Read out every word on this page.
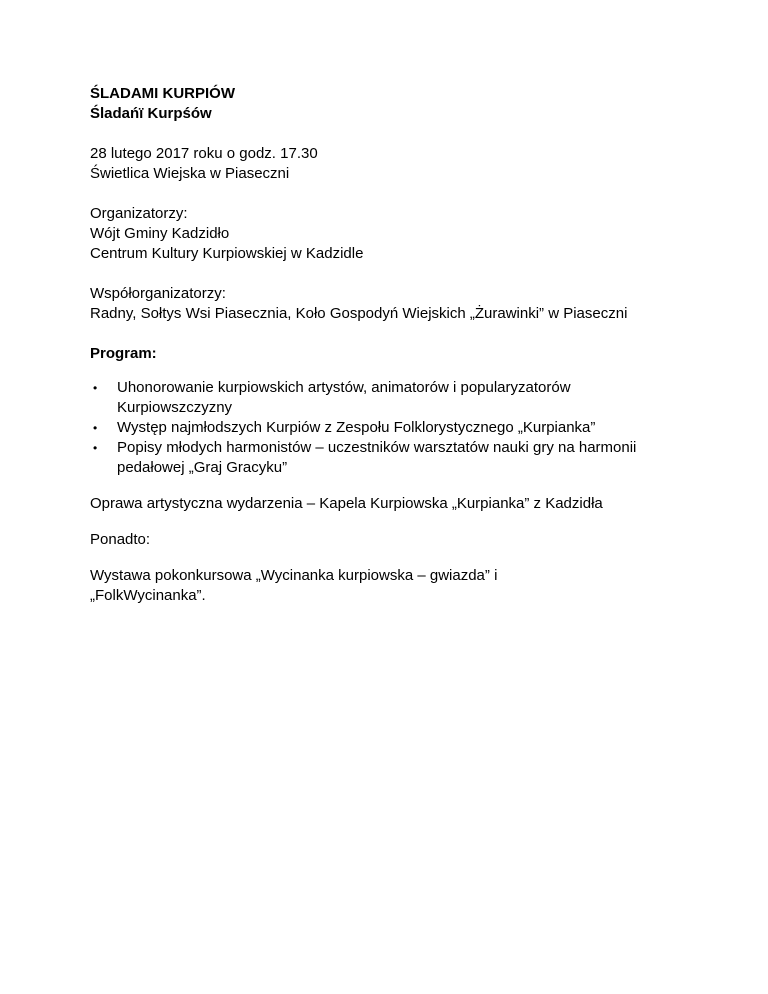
ŚLADAMI KURPIÓW
Śladańï Kurpśów
28 lutego 2017 roku o godz. 17.30
Świetlica Wiejska w Piaseczni
Organizatorzy:
Wójt Gminy Kadzidło
Centrum Kultury Kurpiowskiej w Kadzidle
Współorganizatorzy:
Radny, Sołtys Wsi Piasecznia, Koło Gospodyń Wiejskich „Żurawinki” w Piaseczni
Program:
• Uhonorowanie kurpiowskich artystów, animatorów i popularyzatorów Kurpiowszczyzny
• Występ najmłodszych Kurpiów z Zespołu Folklorystycznego „Kurpianka”
• Popisy młodych harmonistów – uczestników warsztatów nauki gry na harmonii pedałowej „Graj Gracyku”
Oprawa artystyczna wydarzenia – Kapela Kurpiowska „Kurpianka” z Kadzidła
Ponadto:
Wystawa pokonkursowa „Wycinanka kurpiowska – gwiazda” i „FolkWycinanka”.
